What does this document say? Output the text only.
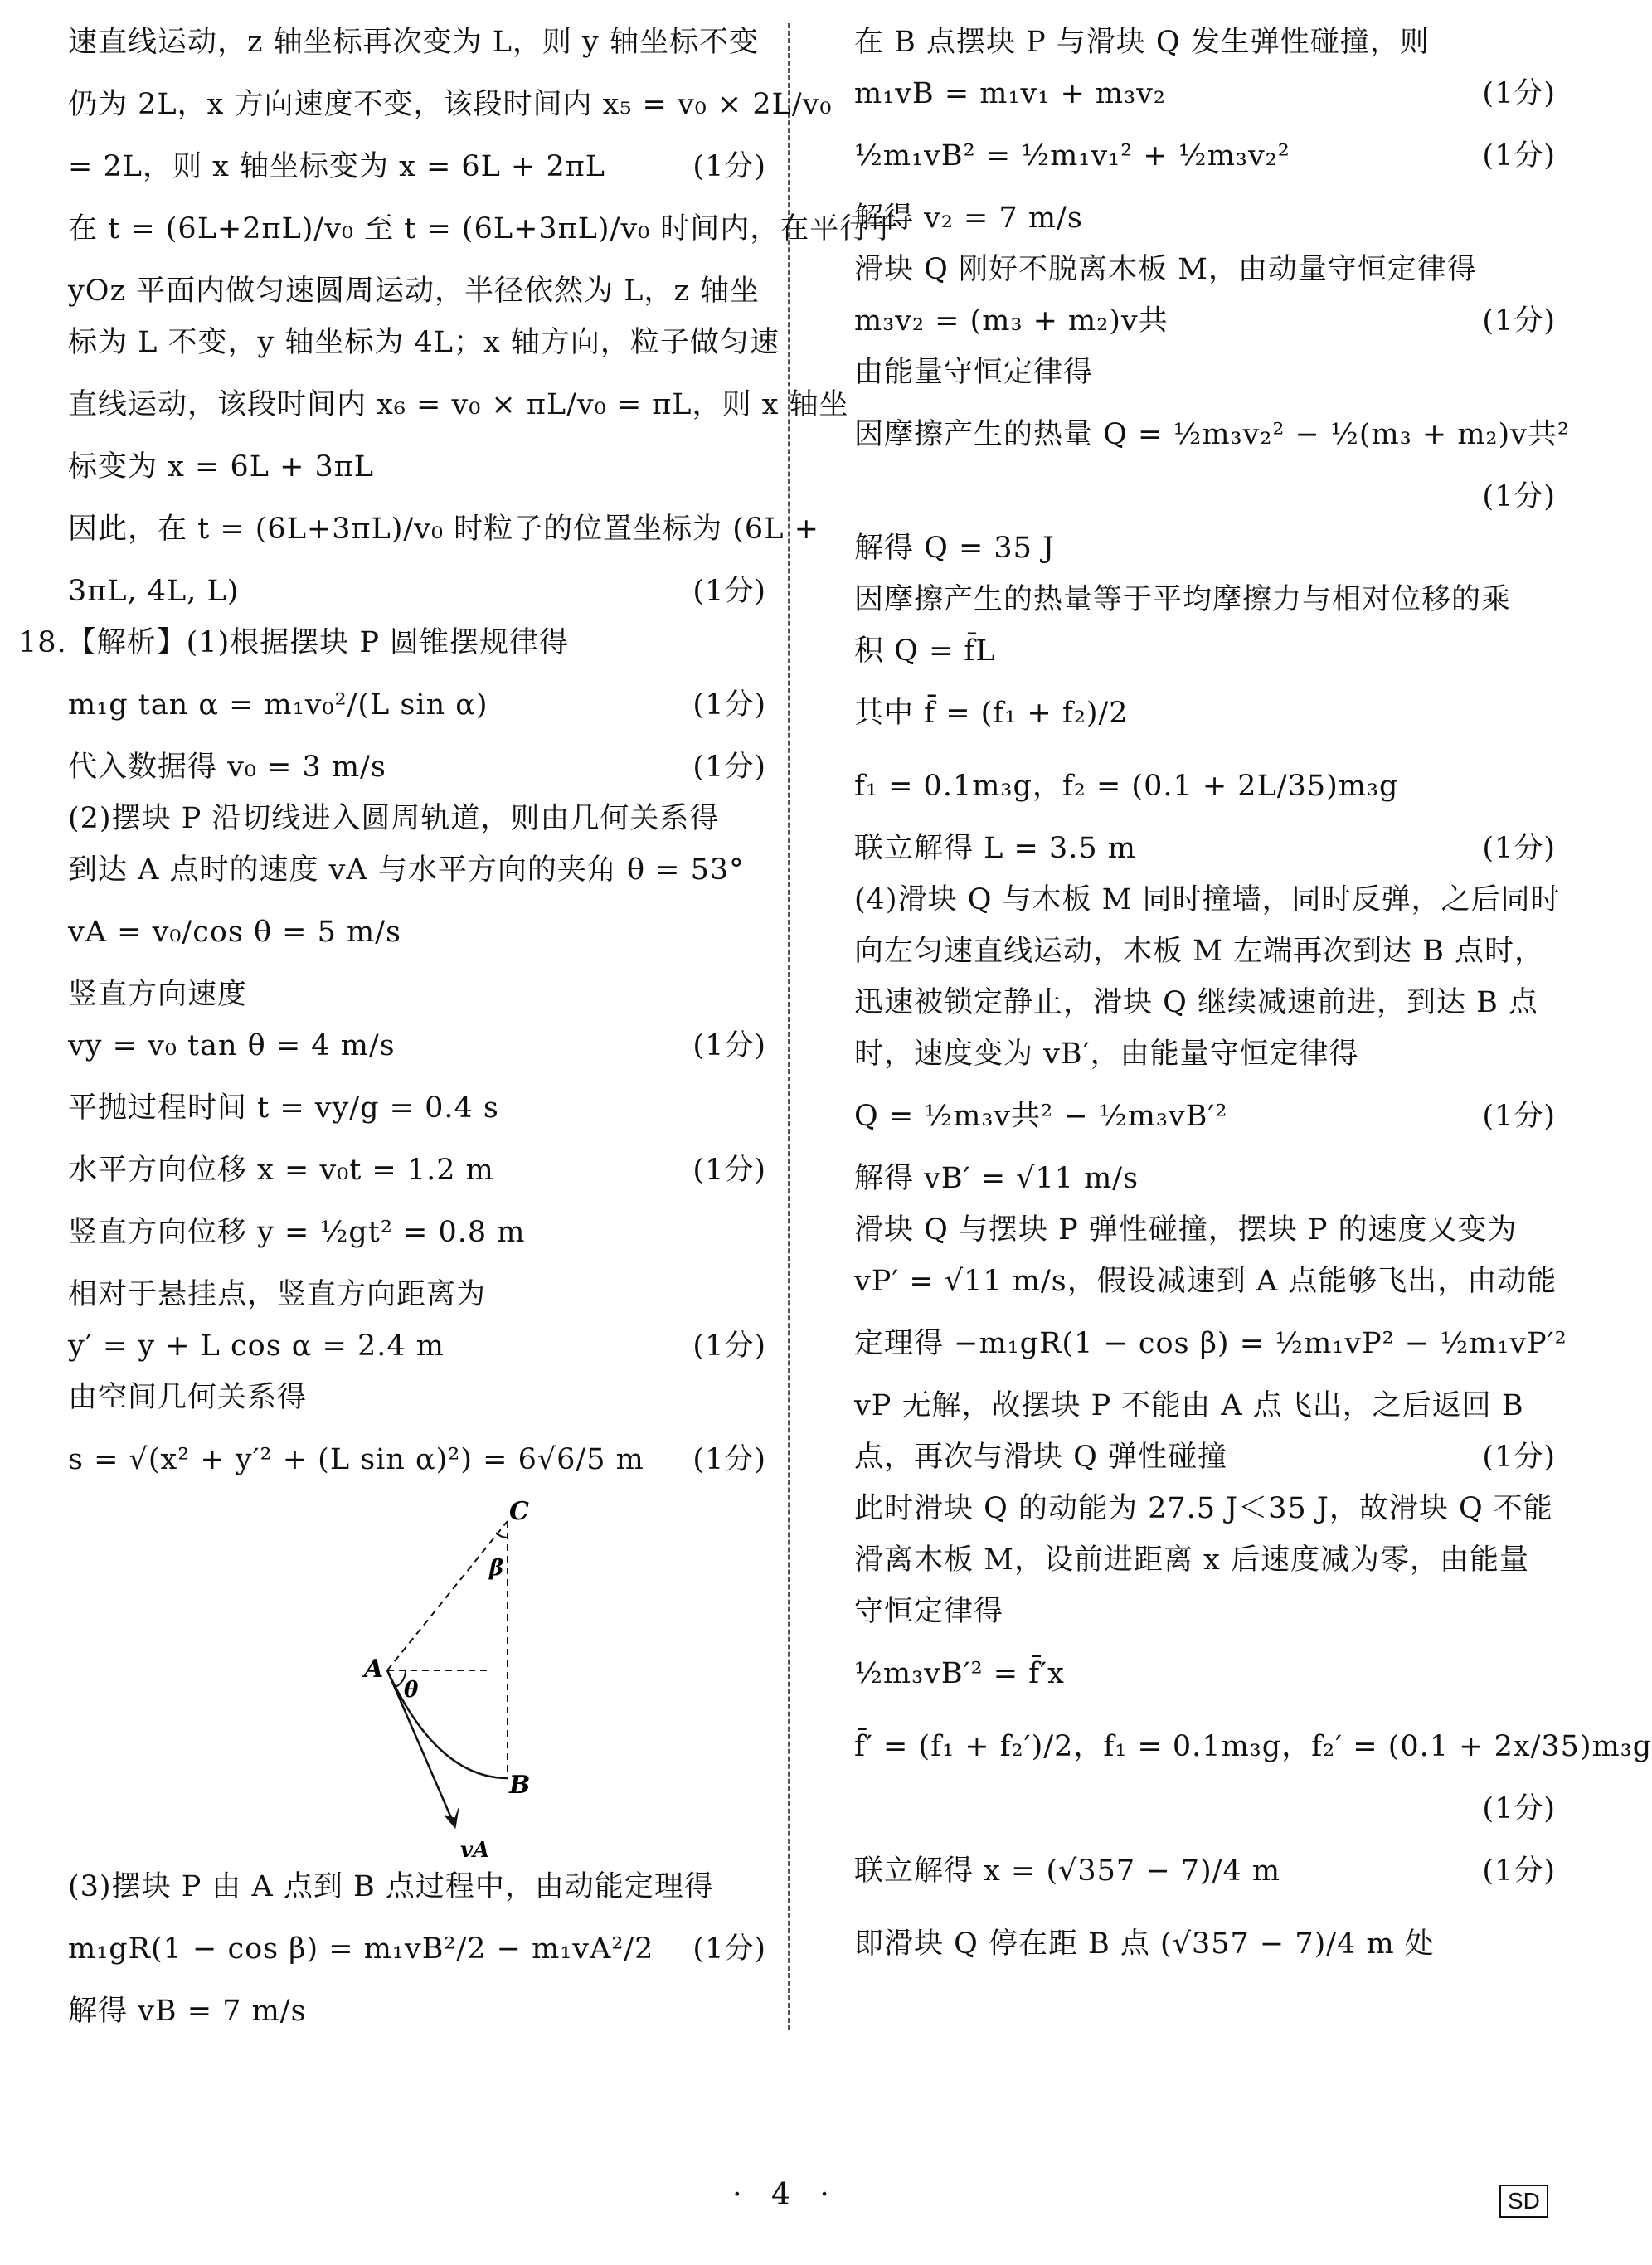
速直线运动，z 轴坐标再次变为 L，则 y 轴坐标不变
仍为 2L，x 方向速度不变，该段时间内 x₅ = v₀ × 2L/v₀
= 2L，则 x 轴坐标变为 x = 6L + 2πL	(1分)
在 t = (6L+2πL)/v₀ 至 t = (6L+3πL)/v₀ 时间内，在平行于
yOz 平面内做匀速圆周运动，半径依然为 L，z 轴坐
标为 L 不变，y 轴坐标为 4L；x 轴方向，粒子做匀速
直线运动，该段时间内 x₆ = v₀ × πL/v₀ = πL，则 x 轴坐
标变为 x = 6L + 3πL
因此，在 t = (6L+3πL)/v₀ 时粒子的位置坐标为 (6L +
3πL, 4L, L)	(1分)
18.【解析】(1)根据摆块 P 圆锥摆规律得
m₁g tan α = m₁v₀²/(L sin α)	(1分)
代入数据得 v₀ = 3 m/s	(1分)
(2)摆块 P 沿切线进入圆周轨道，则由几何关系得
到达 A 点时的速度 vA 与水平方向的夹角 θ = 53°
vA = v₀/cos θ = 5 m/s
竖直方向速度
vy = v₀ tan θ = 4 m/s	(1分)
平抛过程时间 t = vy/g = 0.4 s
水平方向位移 x = v₀t = 1.2 m	(1分)
竖直方向位移 y = ½gt² = 0.8 m
相对于悬挂点，竖直方向距离为
y′ = y + L cos α = 2.4 m	(1分)
由空间几何关系得
s = √(x² + y′² + (L sin α)²) = 6√6/5 m (1分)
C
A
B
β
θ
vA
(3)摆块 P 由 A 点到 B 点过程中，由动能定理得
m₁gR(1 − cos β) = m₁vB²/2 − m₁vA²/2 (1分)
解得 vB = 7 m/s
在 B 点摆块 P 与滑块 Q 发生弹性碰撞，则
m₁vB = m₁v₁ + m₃v₂	(1分)
½m₁vB² = ½m₁v₁² + ½m₃v₂²	(1分)
解得 v₂ = 7 m/s
滑块 Q 刚好不脱离木板 M，由动量守恒定律得
m₃v₂ = (m₃ + m₂)v共	(1分)
由能量守恒定律得
因摩擦产生的热量 Q = ½m₃v₂² − ½(m₃ + m₂)v共²
(1分)
解得 Q = 35 J
因摩擦产生的热量等于平均摩擦力与相对位移的乘
积 Q = f̄L
其中 f̄ = (f₁ + f₂)/2
f₁ = 0.1m₃g，f₂ = (0.1 + 2L/35)m₃g
联立解得 L = 3.5 m	(1分)
(4)滑块 Q 与木板 M 同时撞墙，同时反弹，之后同时
向左匀速直线运动，木板 M 左端再次到达 B 点时，
迅速被锁定静止，滑块 Q 继续减速前进，到达 B 点
时，速度变为 vB′，由能量守恒定律得
Q = ½m₃v共² − ½m₃vB′²	(1分)
解得 vB′ = √11 m/s
滑块 Q 与摆块 P 弹性碰撞，摆块 P 的速度又变为
vP′ = √11 m/s，假设减速到 A 点能够飞出，由动能
定理得 −m₁gR(1 − cos β) = ½m₁vP² − ½m₁vP′²
vP 无解，故摆块 P 不能由 A 点飞出，之后返回 B
点，再次与滑块 Q 弹性碰撞	(1分)
此时滑块 Q 的动能为 27.5 J＜35 J，故滑块 Q 不能
滑离木板 M，设前进距离 x 后速度减为零，由能量
守恒定律得
½m₃vB′² = f̄′x
f̄′ = (f₁ + f₂′)/2，f₁ = 0.1m₃g，f₂′ = (0.1 + 2x/35)m₃g
(1分)
联立解得 x = (√357 − 7)/4 m	(1分)
即滑块 Q 停在距 B 点 (√357 − 7)/4 m 处
· 4 ·	SD
